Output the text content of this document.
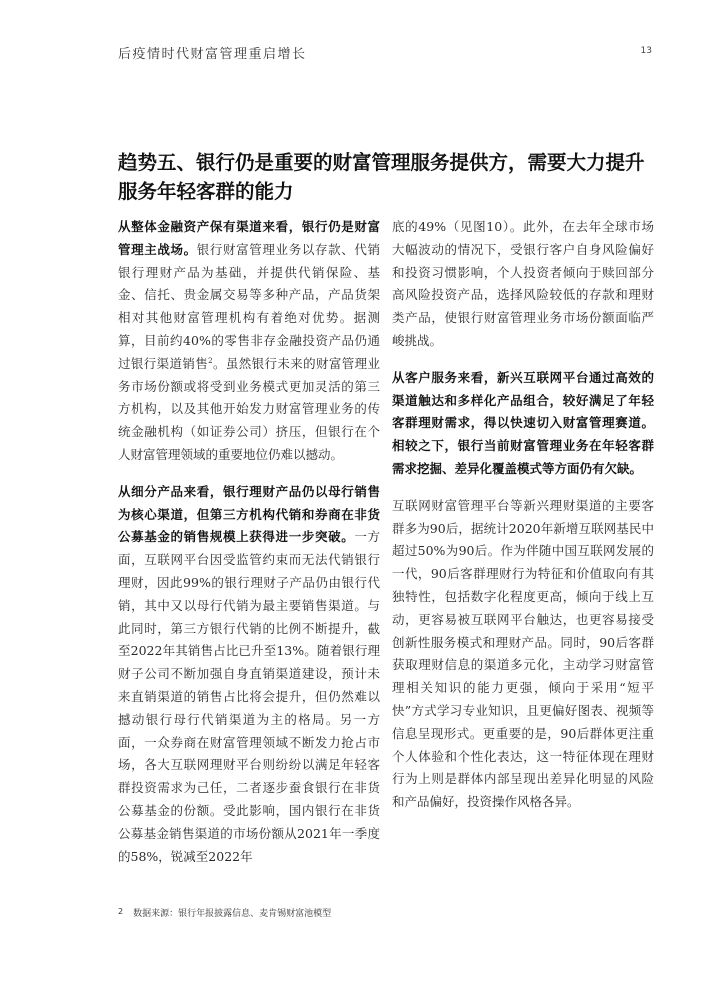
后疫情时代财富管理重启增长	13
趋势五、银行仍是重要的财富管理服务提供方，需要大力提升服务年轻客群的能力

从整体金融资产保有渠道来看，银行仍是财富管理主战场。银行财富管理业务以存款、代销银行理财产品为基础，并提供代销保险、基金、信托、贵金属交易等多种产品，产品货架相对其他财富管理机构有着绝对优势。据测算，目前约40%的零售非存金融投资产品仍通过银行渠道销售$^2$。虽然银行未来的财富管理业务市场份额或将受到业务模式更加灵活的第三方机构，以及其他开始发力财富管理业务的传统金融机构（如证券公司）挤压，但银行在个人财富管理领域的重要地位仍难以撼动。

从细分产品来看，银行理财产品仍以母行销售为核心渠道，但第三方机构代销和券商在非货公募基金的销售规模上获得进一步突破。一方面，互联网平台因受监管约束而无法代销银行理财，因此99%的银行理财子产品仍由银行代销，其中又以母行代销为最主要销售渠道。与此同时，第三方银行代销的比例不断提升，截至2022年其销售占比已升至13%。随着银行理财子公司不断加强自身直销渠道建设，预计未来直销渠道的销售占比将会提升，但仍然难以撼动银行母行代销渠道为主的格局。另一方面，一众券商在财富管理领域不断发力抢占市场，各大互联网理财平台则纷纷以满足年轻客群投资需求为己任，二者逐步蚕食银行在非货公募基金的份额。受此影响，国内银行在非货公募基金销售渠道的市场份额从2021年一季度的58%，锐减至2022年

底的49%（见图10）。此外，在去年全球市场大幅波动的情况下，受银行客户自身风险偏好和投资习惯影响，个人投资者倾向于赎回部分高风险投资产品，选择风险较低的存款和理财类产品，使银行财富管理业务市场份额面临严峻挑战。

从客户服务来看，新兴互联网平台通过高效的渠道触达和多样化产品组合，较好满足了年轻客群理财需求，得以快速切入财富管理赛道。相较之下，银行当前财富管理业务在年轻客群需求挖掘、差异化覆盖模式等方面仍有欠缺。

互联网财富管理平台等新兴理财渠道的主要客群多为90后，据统计2020年新增互联网基民中超过50%为90后。作为伴随中国互联网发展的一代，90后客群理财行为特征和价值取向有其独特性，包括数字化程度更高，倾向于线上互动，更容易被互联网平台触达，也更容易接受创新性服务模式和理财产品。同时，90后客群获取理财信息的渠道多元化，主动学习财富管理相关知识的能力更强，倾向于采用“短平快”方式学习专业知识，且更偏好图表、视频等信息呈现形式。更重要的是，90后群体更注重个人体验和个性化表达，这一特征体现在理财行为上则是群体内部呈现出差异化明显的风险和产品偏好，投资操作风格各异。

2 数据来源：银行年报披露信息、麦肯锡财富池模型
